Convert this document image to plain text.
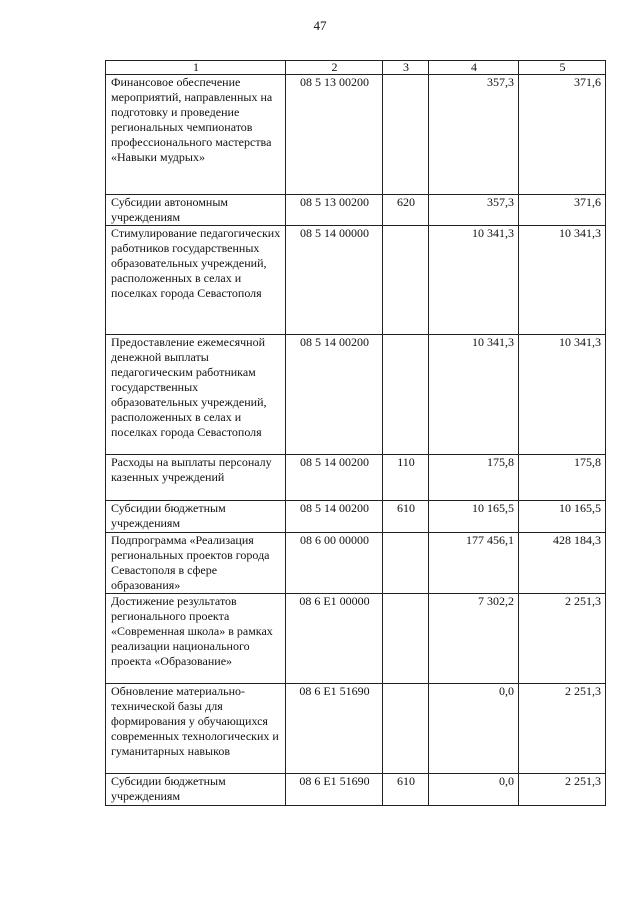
47
1	2	3	4	5
Финансовое обеспечение мероприятий, направленных на подготовку и проведение региональных чемпионатов профессионального мастерства «Навыки мудрых»	08 5 13 00200		357,3	371,6
Субсидии автономным учреждениям	08 5 13 00200	620	357,3	371,6
Стимулирование педагогических работников государственных образовательных учреждений, расположенных в селах и поселках города Севастополя	08 5 14 00000		10 341,3	10 341,3
Предоставление ежемесячной денежной выплаты педагогическим работникам государственных образовательных учреждений, расположенных в селах и поселках города Севастополя	08 5 14 00200		10 341,3	10 341,3
Расходы на выплаты персоналу казенных учреждений	08 5 14 00200	110	175,8	175,8
Субсидии бюджетным учреждениям	08 5 14 00200	610	10 165,5	10 165,5
Подпрограмма «Реализация региональных проектов города Севастополя в сфере образования»	08 6 00 00000		177 456,1	428 184,3
Достижение результатов регионального проекта «Современная школа» в рамках реализации национального проекта «Образование»	08 6 E1 00000		7 302,2	2 251,3
Обновление материально-технической базы для формирования у обучающихся современных технологических и гуманитарных навыков	08 6 E1 51690		0,0	2 251,3
Субсидии бюджетным учреждениям	08 6 E1 51690	610	0,0	2 251,3
